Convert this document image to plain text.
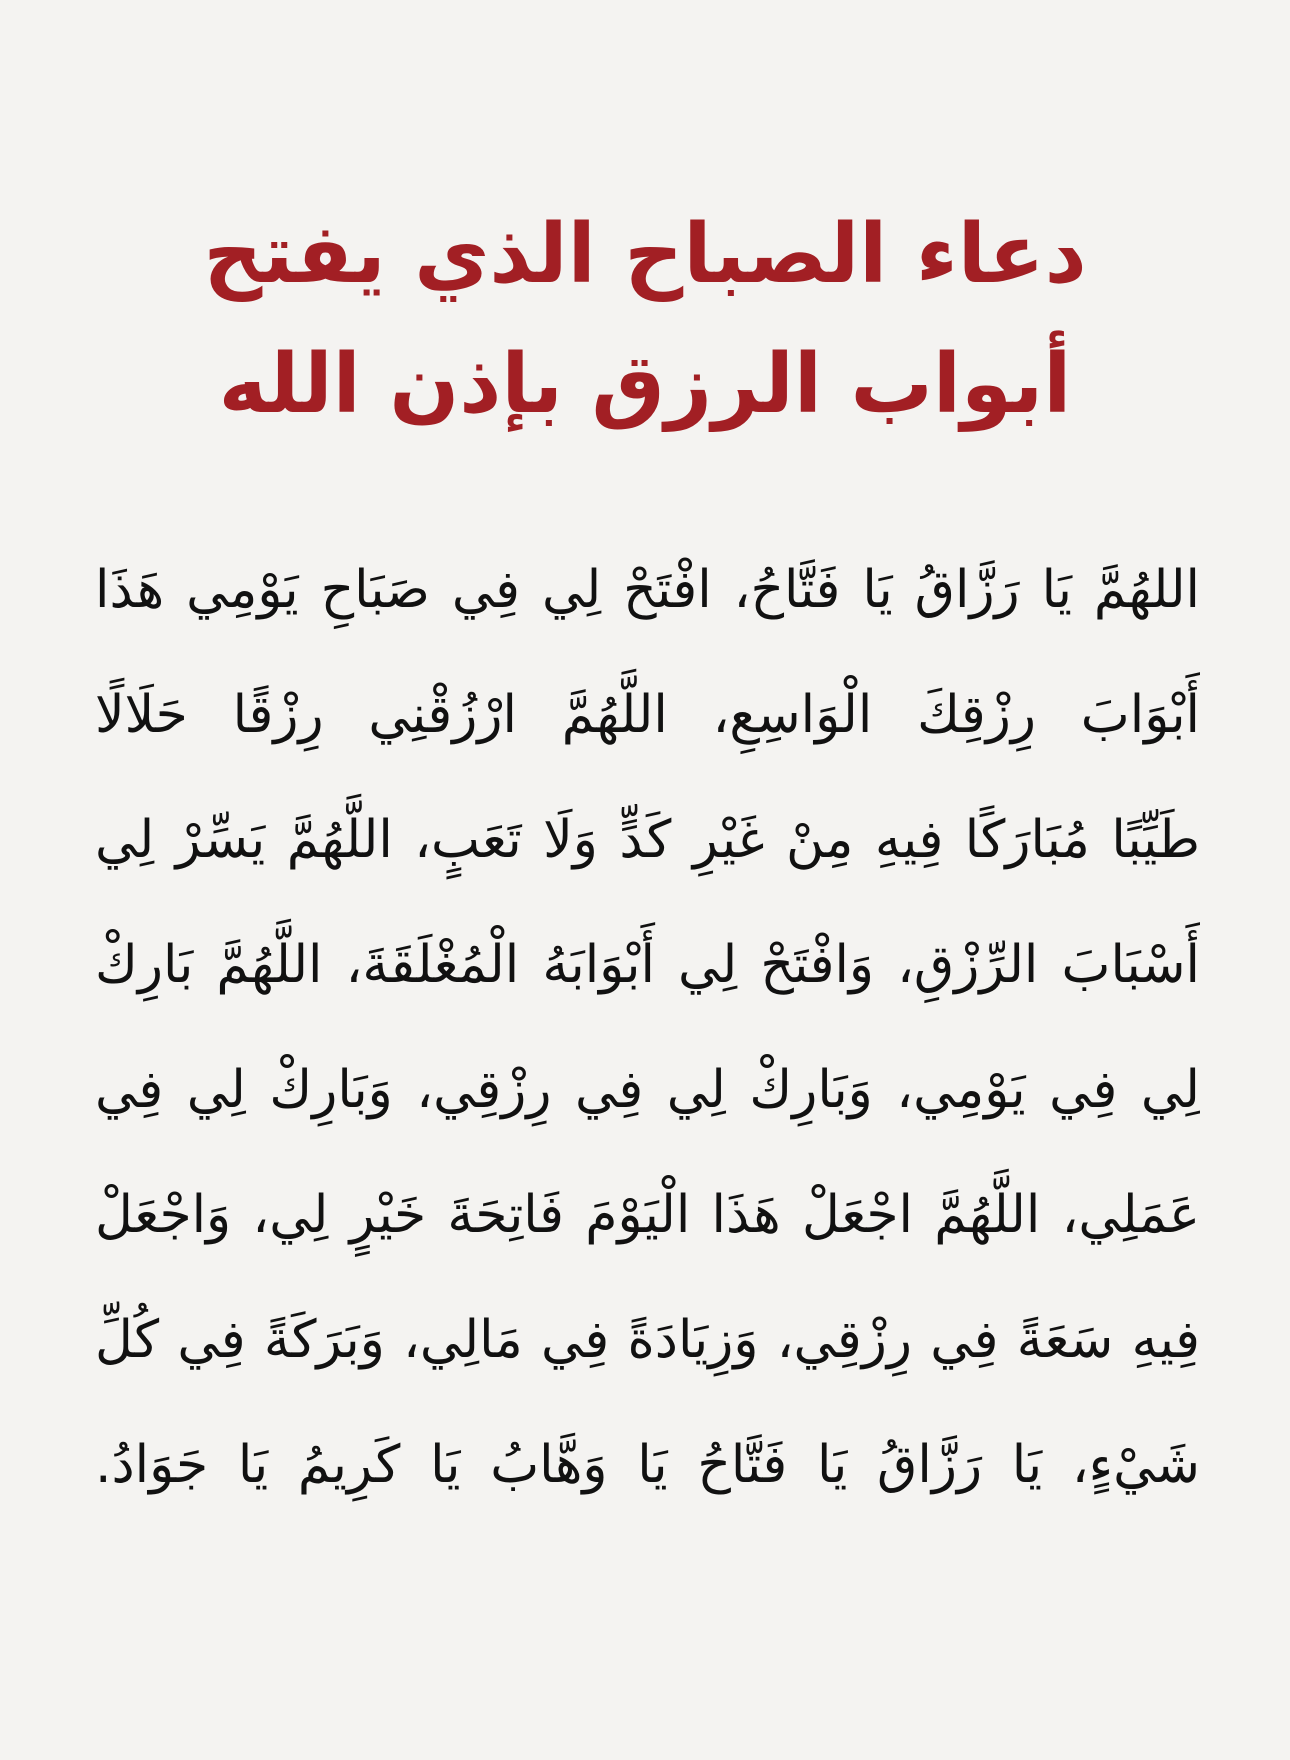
دعاء الصباح الذي يفتح
أبواب الرزق بإذن الله
اللهُمَّ يَا رَزَّاقُ يَا فَتَّاحُ، افْتَحْ لِي فِي صَبَاحِ يَوْمِي هَذَا
أَبْوَابَ رِزْقِكَ الْوَاسِعِ، اللَّهُمَّ ارْزُقْنِي رِزْقًا حَلَالًا
طَيِّبًا مُبَارَكًا فِيهِ مِنْ غَيْرِ كَدٍّ وَلَا تَعَبٍ، اللَّهُمَّ يَسِّرْ لِي
أَسْبَابَ الرِّزْقِ، وَافْتَحْ لِي أَبْوَابَهُ الْمُغْلَقَةَ، اللَّهُمَّ بَارِكْ
لِي فِي يَوْمِي، وَبَارِكْ لِي فِي رِزْقِي، وَبَارِكْ لِي فِي
عَمَلِي، اللَّهُمَّ اجْعَلْ هَذَا الْيَوْمَ فَاتِحَةَ خَيْرٍ لِي، وَاجْعَلْ
فِيهِ سَعَةً فِي رِزْقِي، وَزِيَادَةً فِي مَالِي، وَبَرَكَةً فِي كُلِّ
شَيْءٍ، يَا رَزَّاقُ يَا فَتَّاحُ يَا وَهَّابُ يَا كَرِيمُ يَا جَوَادُ.
